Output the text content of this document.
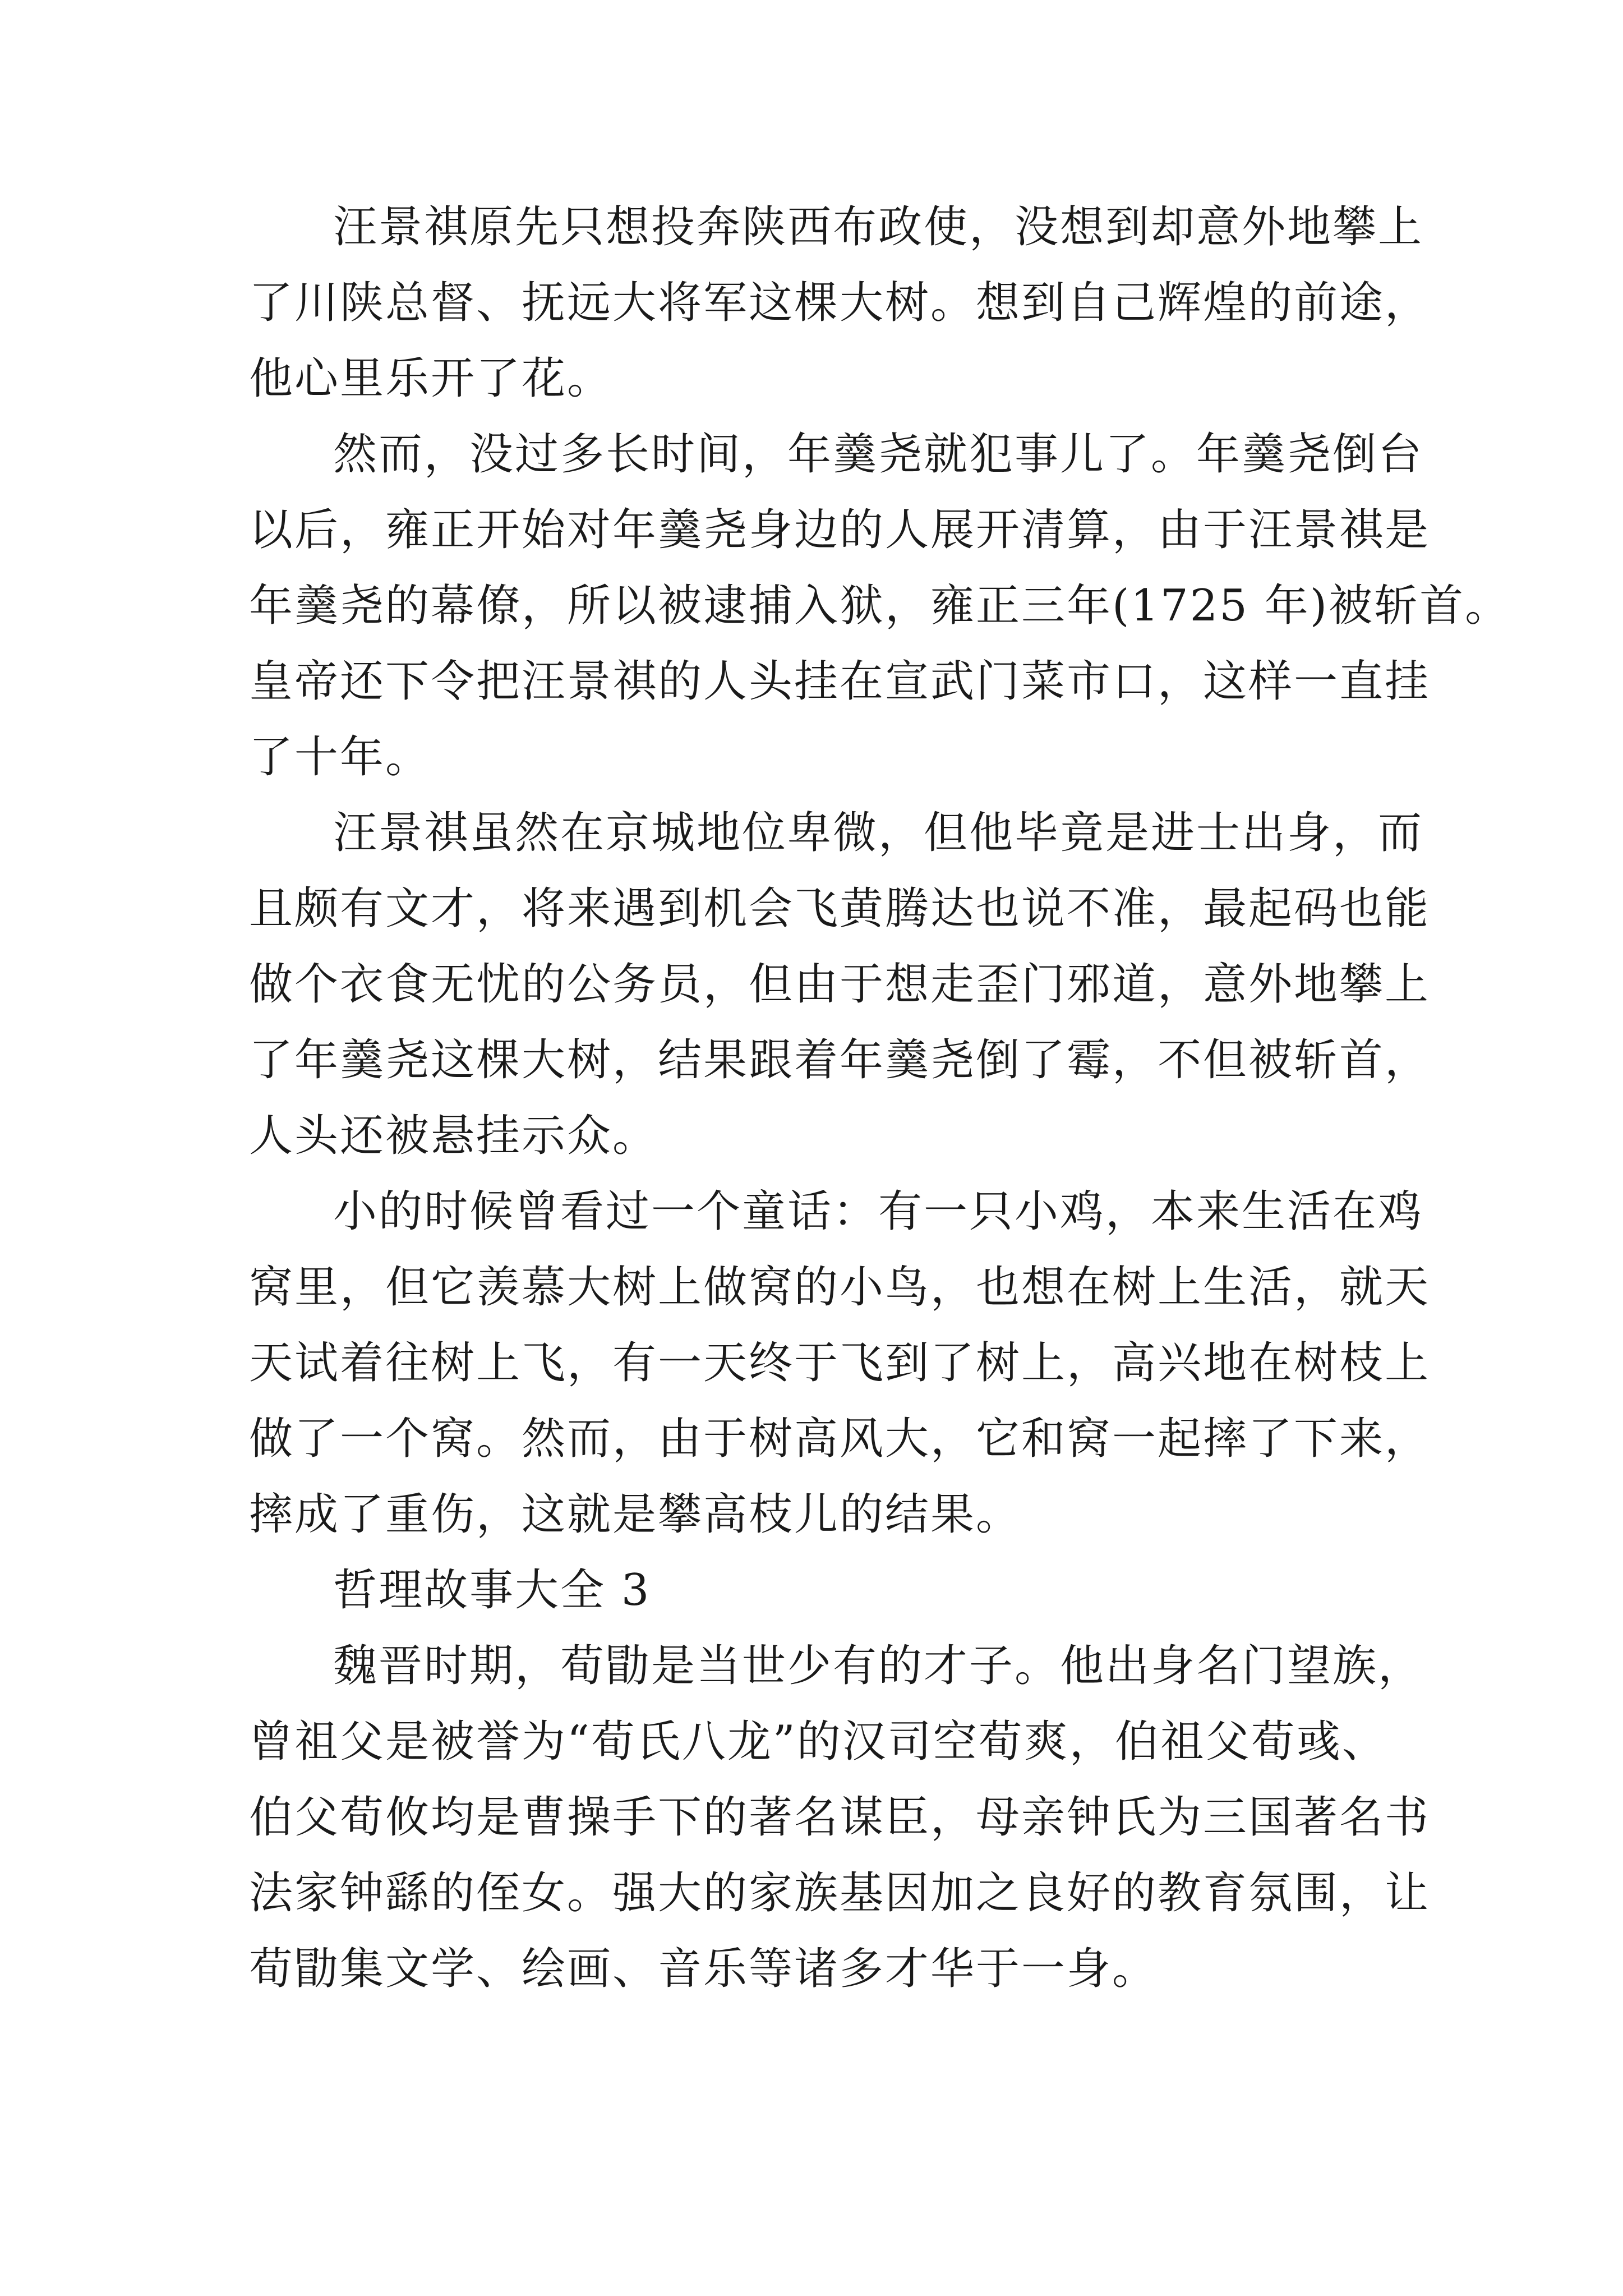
汪景祺原先只想投奔陕西布政使，没想到却意外地攀上
了川陕总督、抚远大将军这棵大树。想到自己辉煌的前途，
他心里乐开了花。
然而，没过多长时间，年羹尧就犯事儿了。年羹尧倒台
以后，雍正开始对年羹尧身边的人展开清算，由于汪景祺是
年羹尧的幕僚，所以被逮捕入狱，雍正三年(1725 年)被斩首。
皇帝还下令把汪景祺的人头挂在宣武门菜市口，这样一直挂
了十年。
汪景祺虽然在京城地位卑微，但他毕竟是进士出身，而
且颇有文才，将来遇到机会飞黄腾达也说不准，最起码也能
做个衣食无忧的公务员，但由于想走歪门邪道，意外地攀上
了年羹尧这棵大树，结果跟着年羹尧倒了霉，不但被斩首，
人头还被悬挂示众。
小的时候曾看过一个童话：有一只小鸡，本来生活在鸡
窝里，但它羡慕大树上做窝的小鸟，也想在树上生活，就天
天试着往树上飞，有一天终于飞到了树上，高兴地在树枝上
做了一个窝。然而，由于树高风大，它和窝一起摔了下来，
摔成了重伤，这就是攀高枝儿的结果。
哲理故事大全 3
魏晋时期，荀勖是当世少有的才子。他出身名门望族，
曾祖父是被誉为“荀氏八龙”的汉司空荀爽，伯祖父荀彧、
伯父荀攸均是曹操手下的著名谋臣，母亲钟氏为三国著名书
法家钟繇的侄女。强大的家族基因加之良好的教育氛围，让
荀勖集文学、绘画、音乐等诸多才华于一身。
